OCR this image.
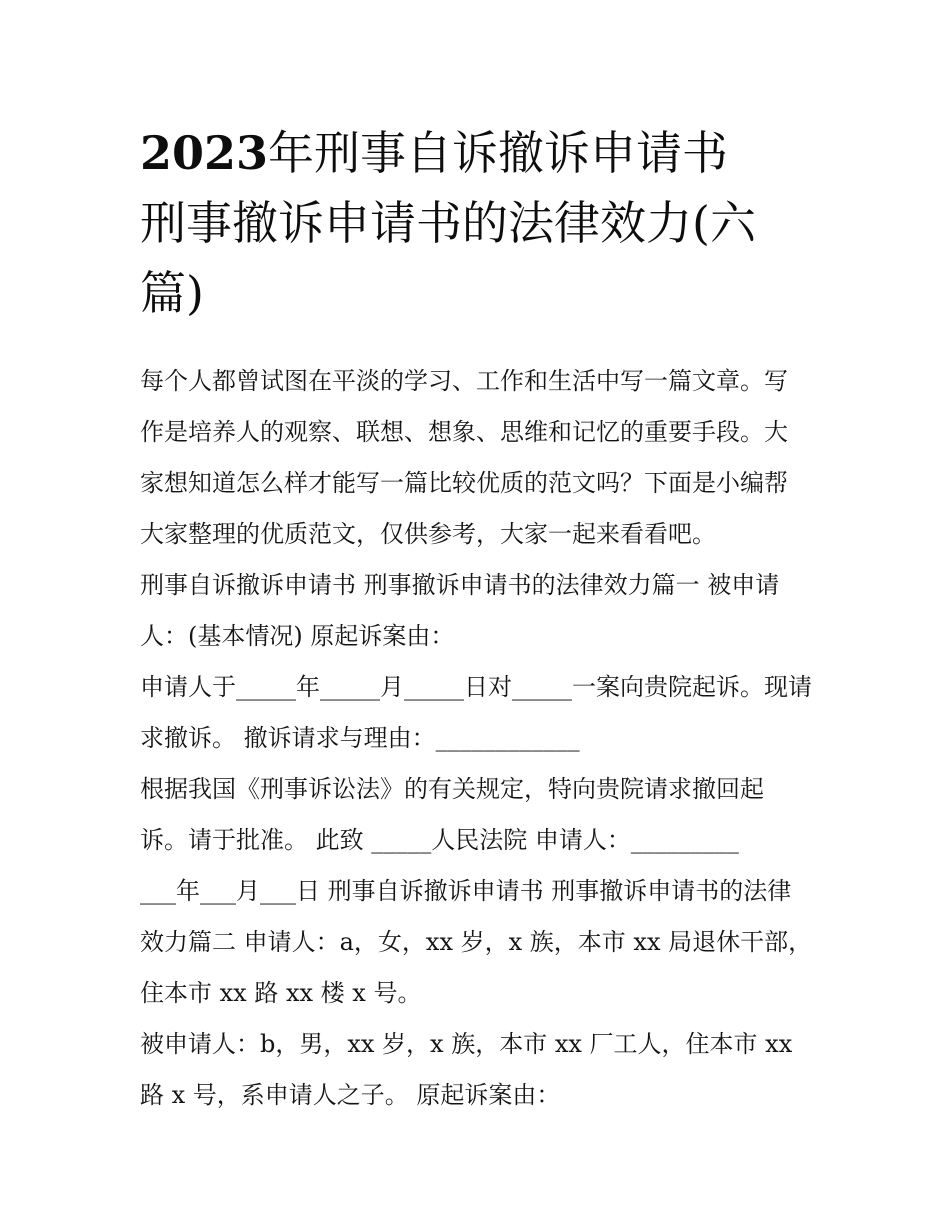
2023年刑事自诉撤诉申请书
刑事撤诉申请书的法律效力(六
篇)

每个人都曾试图在平淡的学习、工作和生活中写一篇文章。写
作是培养人的观察、联想、想象、思维和记忆的重要手段。大
家想知道怎么样才能写一篇比较优质的范文吗？下面是小编帮
大家整理的优质范文，仅供参考，大家一起来看看吧。

刑事自诉撤诉申请书 刑事撤诉申请书的法律效力篇一 被申请
人：(基本情况) 原起诉案由：

申请人于_____年_____月_____日对_____一案向贵院起诉。现请
求撤诉。 撤诉请求与理由：____________

根据我国《刑事诉讼法》的有关规定，特向贵院请求撤回起
诉。请于批准。 此致 _____人民法院 申请人：_________
___年___月___日 刑事自诉撤诉申请书 刑事撤诉申请书的法律
效力篇二 申请人：a，女，xx 岁，x 族，本市 xx 局退休干部，
住本市 xx 路 xx 楼 x 号。

被申请人：b，男，xx 岁，x 族，本市 xx 厂工人，住本市 xx
路 x 号，系申请人之子。 原起诉案由：
